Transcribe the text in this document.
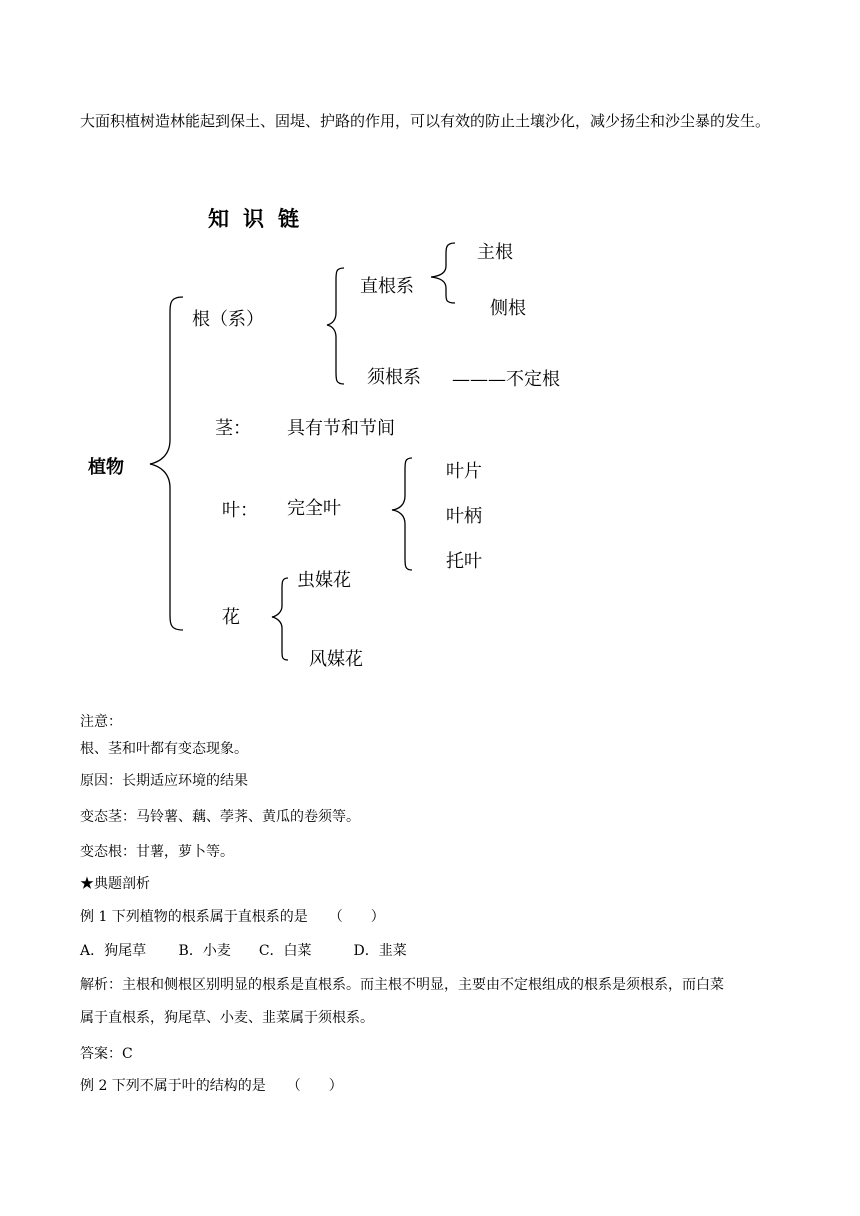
大面积植树造林能起到保土、固堤、护路的作用，可以有效的防止土壤沙化，减少扬尘和沙尘暴的发生。
知识链
植物
根（系）
直根系
主根
侧根
须根系 ———不定根
茎： 具有节和节间
叶： 完全叶
叶片
叶柄
托叶
花
虫媒花
风媒花
注意：
根、茎和叶都有变态现象。
原因：长期适应环境的结果
变态茎：马铃薯、藕、荸荠、黄瓜的卷须等。
变态根：甘薯，萝卜等。
★典题剖析
例 1 下列植物的根系属于直根系的是　　（　　）
A．狗尾草　　 B．小麦　　C．白菜　　　D．韭菜
解析：主根和侧根区别明显的根系是直根系。而主根不明显，主要由不定根组成的根系是须根系，而白菜
属于直根系，狗尾草、小麦、韭菜属于须根系。
答案：C
例 2 下列不属于叶的结构的是　　（　　）
